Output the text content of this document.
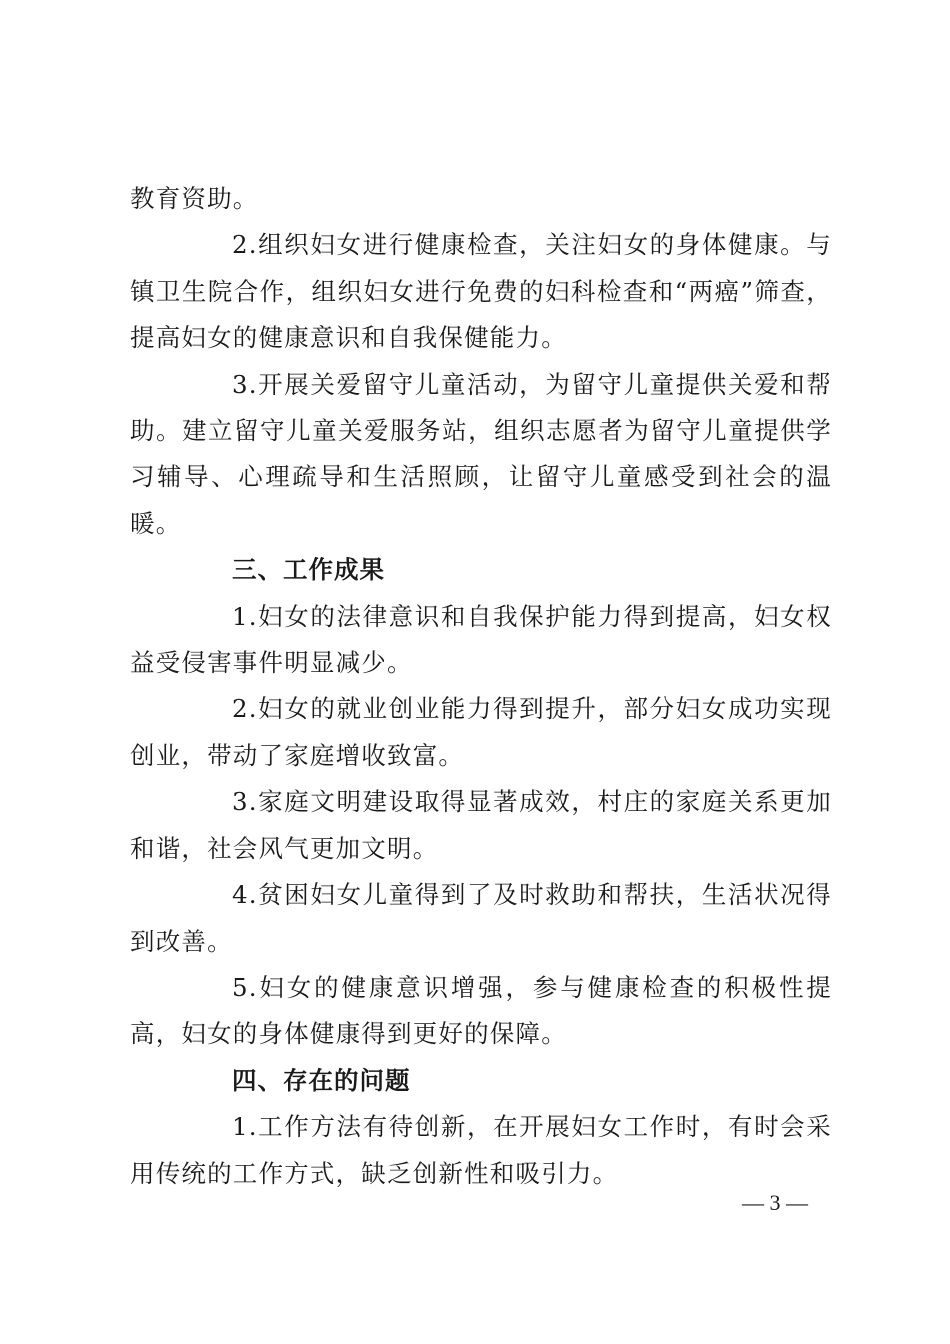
教育资助。

2.组织妇女进行健康检查，关注妇女的身体健康。与镇卫生院合作，组织妇女进行免费的妇科检查和“两癌”筛查，提高妇女的健康意识和自我保健能力。

3.开展关爱留守儿童活动，为留守儿童提供关爱和帮助。建立留守儿童关爱服务站，组织志愿者为留守儿童提供学习辅导、心理疏导和生活照顾，让留守儿童感受到社会的温暖。

三、工作成果

1.妇女的法律意识和自我保护能力得到提高，妇女权益受侵害事件明显减少。

2.妇女的就业创业能力得到提升，部分妇女成功实现创业，带动了家庭增收致富。

3.家庭文明建设取得显著成效，村庄的家庭关系更加和谐，社会风气更加文明。

4.贫困妇女儿童得到了及时救助和帮扶，生活状况得到改善。

5.妇女的健康意识增强，参与健康检查的积极性提高，妇女的身体健康得到更好的保障。

四、存在的问题

1.工作方法有待创新，在开展妇女工作时，有时会采用传统的工作方式，缺乏创新性和吸引力。

— 3 —
